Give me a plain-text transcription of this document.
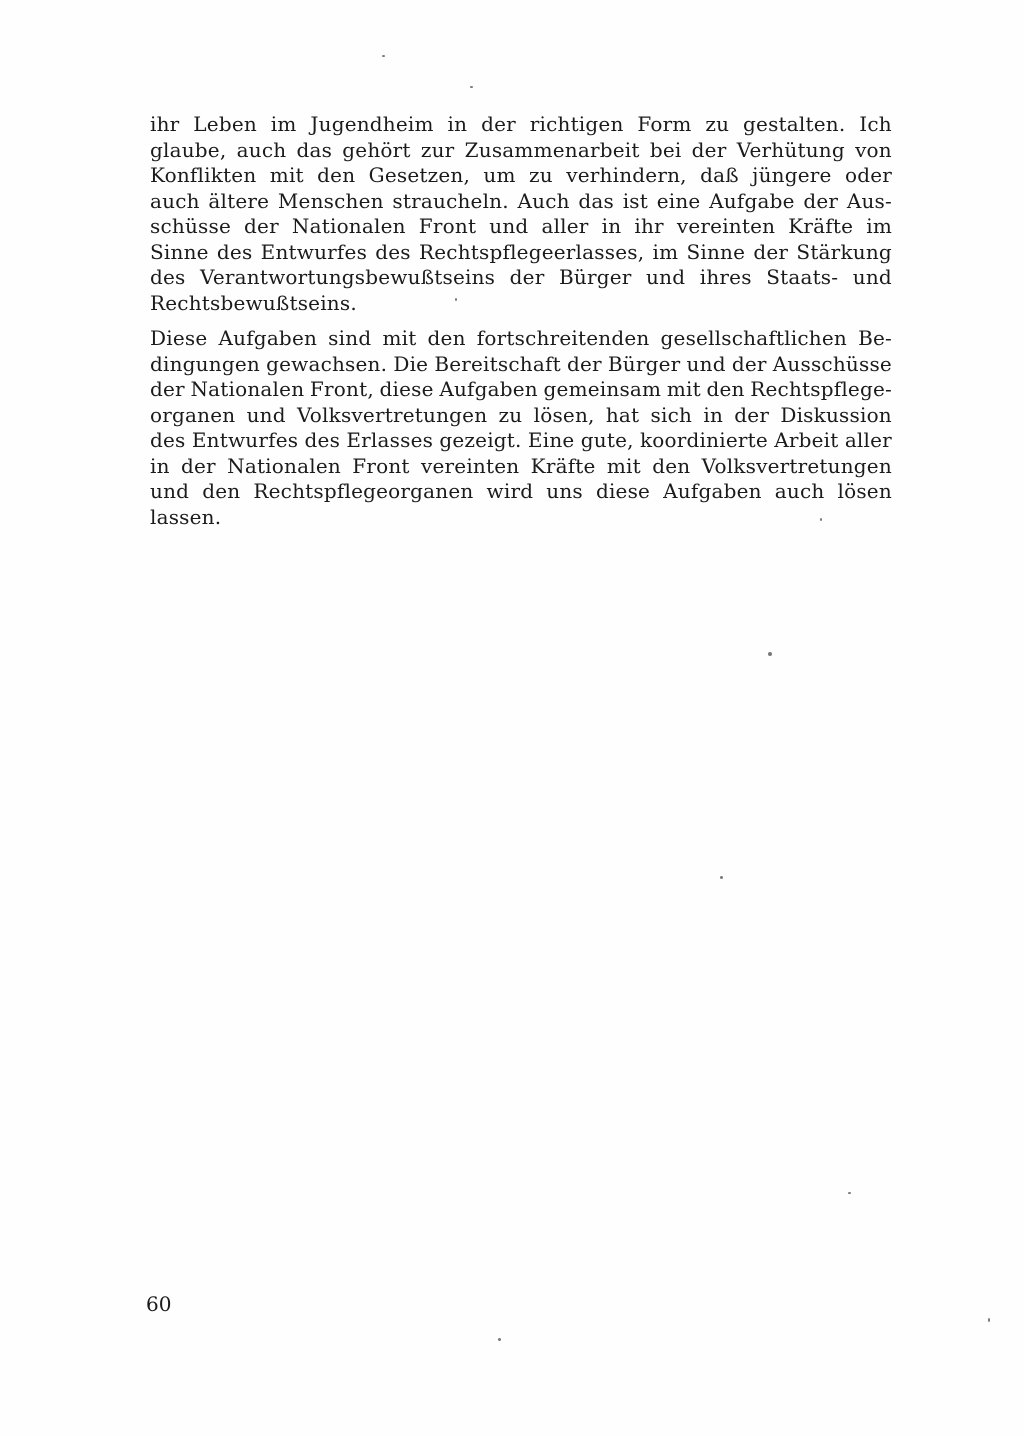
ihr Leben im Jugendheim in der richtigen Form zu gestalten. Ich
glaube, auch das gehört zur Zusammenarbeit bei der Verhütung von
Konflikten mit den Gesetzen, um zu verhindern, daß jüngere oder
auch ältere Menschen straucheln. Auch das ist eine Aufgabe der Aus-
schüsse der Nationalen Front und aller in ihr vereinten Kräfte im
Sinne des Entwurfes des Rechtspflegeerlasses, im Sinne der Stärkung
des Verantwortungsbewußtseins der Bürger und ihres Staats- und
Rechtsbewußtseins.
Diese Aufgaben sind mit den fortschreitenden gesellschaftlichen Be-
dingungen gewachsen. Die Bereitschaft der Bürger und der Ausschüsse
der Nationalen Front, diese Aufgaben gemeinsam mit den Rechtspflege-
organen und Volksvertretungen zu lösen, hat sich in der Diskussion
des Entwurfes des Erlasses gezeigt. Eine gute, koordinierte Arbeit aller
in der Nationalen Front vereinten Kräfte mit den Volksvertretungen
und den Rechtspflegeorganen wird uns diese Aufgaben auch lösen
lassen.
60
